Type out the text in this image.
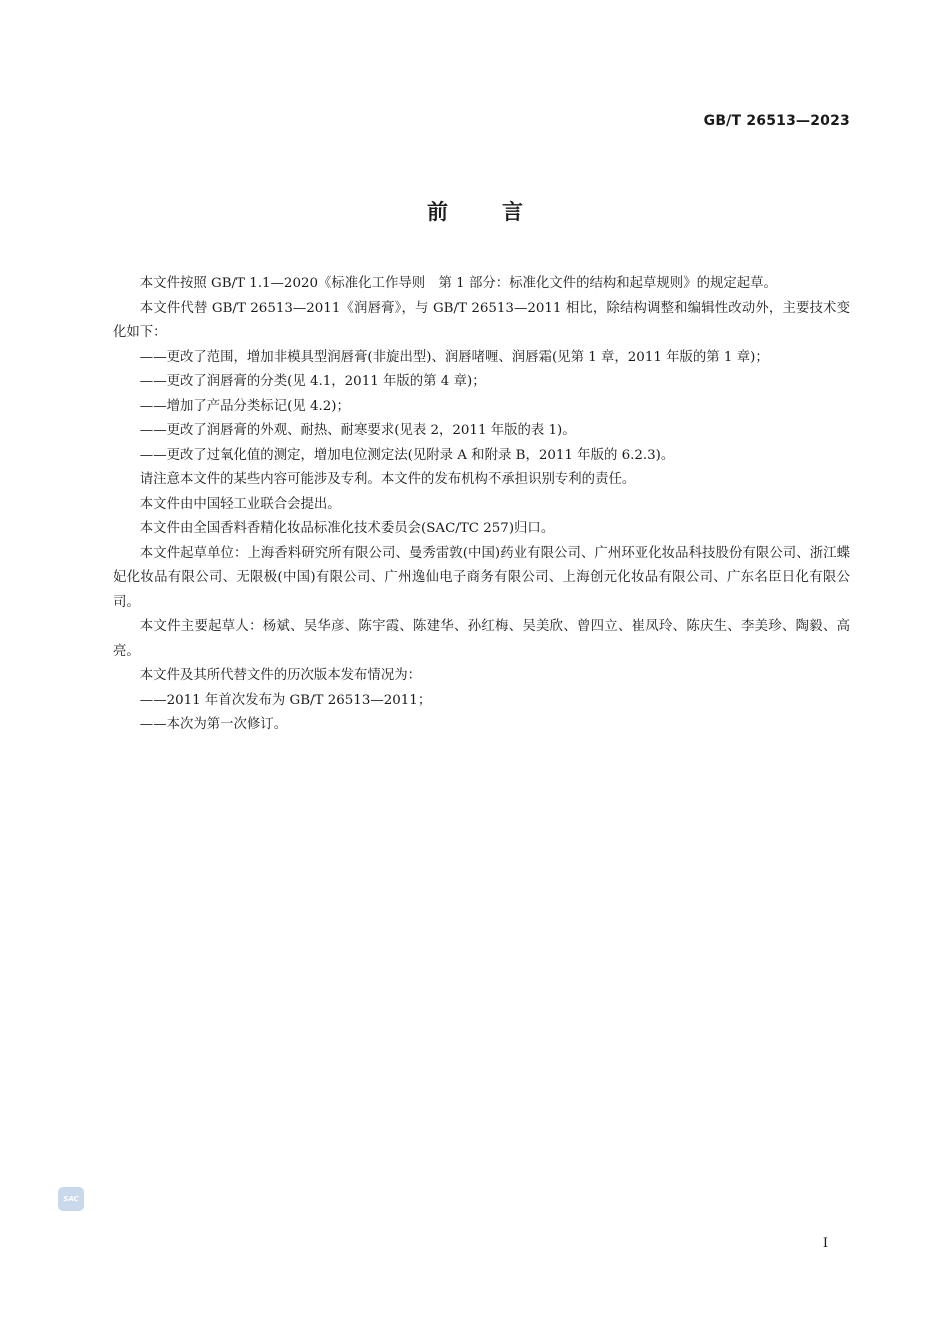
GB/T 26513—2023
前	言

本文件按照 GB/T 1.1—2020《标准化工作导则　第 1 部分：标准化文件的结构和起草规则》的规定起草。

本文件代替 GB/T 26513—2011《润唇膏》，与 GB/T 26513—2011 相比，除结构调整和编辑性改动外，主要技术变化如下：

——更改了范围，增加非模具型润唇膏(非旋出型)、润唇啫喱、润唇霜(见第 1 章，2011 年版的第 1 章)；

——更改了润唇膏的分类(见 4.1，2011 年版的第 4 章)；

——增加了产品分类标记(见 4.2)；

——更改了润唇膏的外观、耐热、耐寒要求(见表 2，2011 年版的表 1)。

——更改了过氧化值的测定，增加电位测定法(见附录 A 和附录 B，2011 年版的 6.2.3)。

请注意本文件的某些内容可能涉及专利。本文件的发布机构不承担识别专利的责任。

本文件由中国轻工业联合会提出。

本文件由全国香料香精化妆品标准化技术委员会(SAC/TC 257)归口。

本文件起草单位：上海香料研究所有限公司、曼秀雷敦(中国)药业有限公司、广州环亚化妆品科技股份有限公司、浙江蝶妃化妆品有限公司、无限极(中国)有限公司、广州逸仙电子商务有限公司、上海创元化妆品有限公司、广东名臣日化有限公司。

本文件主要起草人：杨斌、吴华彦、陈宇霞、陈建华、孙红梅、吴美欣、曾四立、崔凤玲、陈庆生、李美珍、陶毅、高亮。

本文件及其所代替文件的历次版本发布情况为：

——2011 年首次发布为 GB/T 26513—2011；

——本次为第一次修订。

SAC
I
